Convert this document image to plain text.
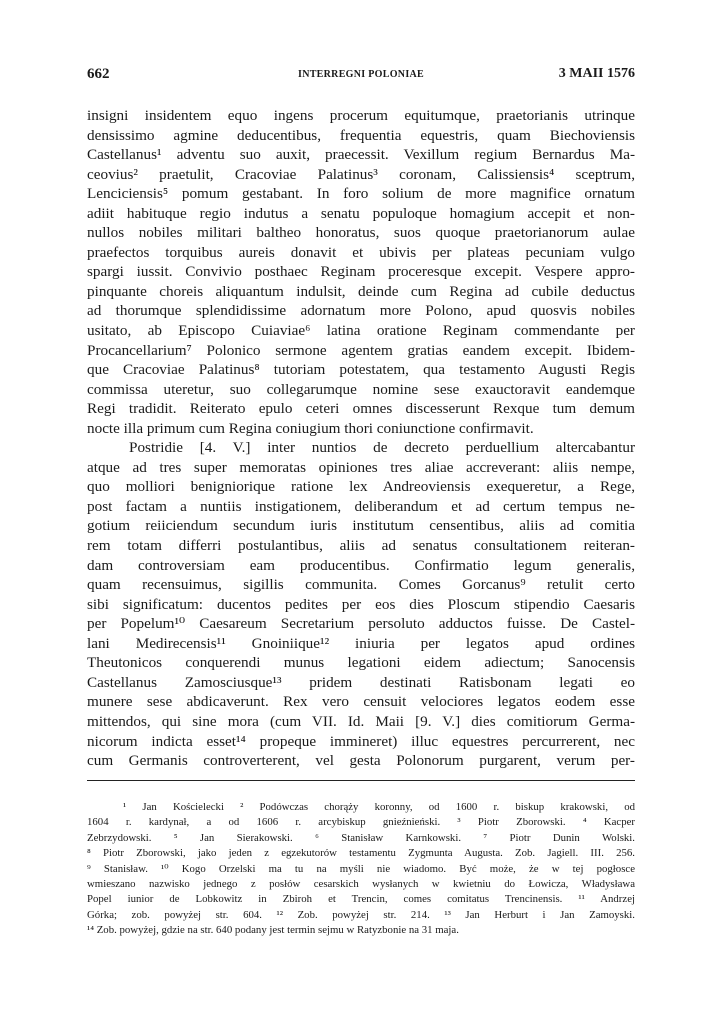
662	INTERREGNI POLONIAE	3 MAII 1576
insigni insidentem equo ingens procerum equitumque, praetorianis utrinque
densissimo agmine deducentibus, frequentia equestris, quam Biechoviensis
Castellanus¹ adventu suo auxit, praecessit. Vexillum regium Bernardus Ma-
ceovius² praetulit, Cracoviae Palatinus³ coronam, Calissiensis⁴ sceptrum,
Lenciciensis⁵ pomum gestabant. In foro solium de more magnifice ornatum
adiit habituque regio indutus a senatu populoque homagium accepit et non-
nullos nobiles militari baltheo honoratus, suos quoque praetorianorum aulae
praefectos torquibus aureis donavit et ubivis per plateas pecuniam vulgo
spargi iussit. Convivio posthaec Reginam proceresque excepit. Vespere appro-
pinquante choreis aliquantum indulsit, deinde cum Regina ad cubile deductus
ad thorumque splendidissime adornatum more Polono, apud quosvis nobiles
usitato, ab Episcopo Cuiaviae⁶ latina oratione Reginam commendante per
Procancellarium⁷ Polonico sermone agentem gratias eandem excepit. Ibidem-
que Cracoviae Palatinus⁸ tutoriam potestatem, qua testamento Augusti Regis
commissa uteretur, suo collegarumque nomine sese exauctoravit eandemque
Regi tradidit. Reiterato epulo ceteri omnes discesserunt Rexque tum demum
nocte illa primum cum Regina coniugium thori coniunctione confirmavit.
Postridie [4. V.] inter nuntios de decreto perduellium altercabantur
atque ad tres super memoratas opiniones tres aliae accreverant: aliis nempe,
quo molliori benigniorique ratione lex Andreoviensis exequeretur, a Rege,
post factam a nuntiis instigationem, deliberandum et ad certum tempus ne-
gotium reiiciendum secundum iuris institutum censentibus, aliis ad comitia
rem totam differri postulantibus, aliis ad senatus consultationem reiteran-
dam controversiam eam producentibus. Confirmatio legum generalis,
quam recensuimus, sigillis communita. Comes Gorcanus⁹ retulit certo
sibi significatum: ducentos pedites per eos dies Ploscum stipendio Caesaris
per Popelum¹⁰ Caesareum Secretarium persoluto adductos fuisse. De Castel-
lani Medirecensis¹¹ Gnoiniique¹² iniuria per legatos apud ordines
Theutonicos conquerendi munus legationi eidem adiectum; Sanocensis
Castellanus Zamosciusque¹³ pridem destinati Ratisbonam legati eo
munere sese abdicaverunt. Rex vero censuit velociores legatos eodem esse
mittendos, qui sine mora (cum VII. Id. Maii [9. V.] dies comitiorum Germa-
nicorum indicta esset¹⁴ propeque immineret) illuc equestres percurrerent, nec
cum Germanis controverterent, vel gesta Polonorum purgarent, verum per-
¹ Jan Kościelecki ² Podówczas chorąży koronny, od 1600 r. biskup krakowski, od
1604 r. kardynał, a od 1606 r. arcybiskup gnieźnieński. ³ Piotr Zborowski. ⁴ Kacper
Zebrzydowski. ⁵ Jan Sierakowski. ⁶ Stanisław Karnkowski. ⁷ Piotr Dunin Wolski.
⁸ Piotr Zborowski, jako jeden z egzekutorów testamentu Zygmunta Augusta. Zob. Jagiell. III. 256.
⁹ Stanisław. ¹⁰ Kogo Orzelski ma tu na myśli nie wiadomo. Być może, że w tej pogłosce
wmieszano nazwisko jednego z posłów cesarskich wysłanych w kwietniu do Łowicza, Władysława
Popel iunior de Lobkowitz in Zbiroh et Trencin, comes comitatus Trencinensis. ¹¹ Andrzej
Górka; zob. powyżej str. 604. ¹² Zob. powyżej str. 214. ¹³ Jan Herburt i Jan Zamoyski.
¹⁴ Zob. powyżej, gdzie na str. 640 podany jest termin sejmu w Ratyzbonie na 31 maja.
